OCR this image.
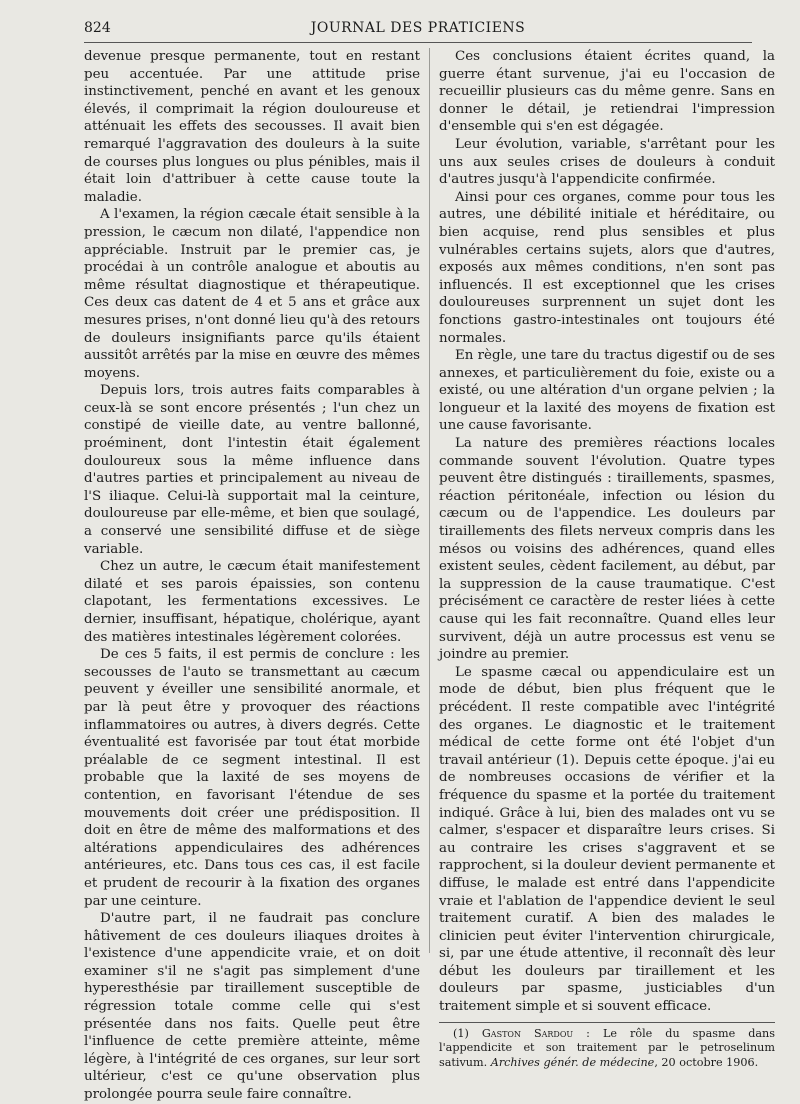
824	JOURNAL DES PRATICIENS

devenue presque permanente, tout en restant peu accentuée. Par une attitude prise instinctivement, penché en avant et les genoux élevés, il comprimait la région douloureuse et atténuait les effets des secousses. Il avait bien remarqué l'aggravation des douleurs à la suite de courses plus longues ou plus pénibles, mais il était loin d'attribuer à cette cause toute la maladie.

A l'examen, la région cæcale était sensible à la pression, le cæcum non dilaté, l'appendice non appréciable. Instruit par le premier cas, je procédai à un contrôle analogue et aboutis au même résultat diagnostique et thérapeutique. Ces deux cas datent de 4 et 5 ans et grâce aux mesures prises, n'ont donné lieu qu'à des retours de douleurs insignifiants parce qu'ils étaient aussitôt arrêtés par la mise en œuvre des mêmes moyens.

Depuis lors, trois autres faits comparables à ceux-là se sont encore présentés ; l'un chez un constipé de vieille date, au ventre ballonné, proéminent, dont l'intestin était également douloureux sous la même influence dans d'autres parties et principalement au niveau de l'S iliaque. Celui-là supportait mal la ceinture, douloureuse par elle-même, et bien que soulagé, a conservé une sensibilité diffuse et de siège variable.

Chez un autre, le cæcum était manifestement dilaté et ses parois épaissies, son contenu clapotant, les fermentations excessives. Le dernier, insuffisant, hépatique, cholérique, ayant des matières intestinales légèrement colorées.

De ces 5 faits, il est permis de conclure : les secousses de l'auto se transmettant au cæcum peuvent y éveiller une sensibilité anormale, et par là peut être y provoquer des réactions inflammatoires ou autres, à divers degrés. Cette éventualité est favorisée par tout état morbide préalable de ce segment intestinal. Il est probable que la laxité de ses moyens de contention, en favorisant l'étendue de ses mouvements doit créer une prédisposition. Il doit en être de même des malformations et des altérations appendiculaires des adhérences antérieures, etc. Dans tous ces cas, il est facile et prudent de recourir à la fixation des organes par une ceinture.

D'autre part, il ne faudrait pas conclure hâtivement de ces douleurs iliaques droites à l'existence d'une appendicite vraie, et on doit examiner s'il ne s'agit pas simplement d'une hyperesthésie par tiraillement susceptible de régression totale comme celle qui s'est présentée dans nos faits. Quelle peut être l'influence de cette première atteinte, même légère, à l'intégrité de ces organes, sur leur sort ultérieur, c'est ce qu'une observation plus prolongée pourra seule faire connaître.

Ces conclusions étaient écrites quand, la guerre étant survenue, j'ai eu l'occasion de recueillir plusieurs cas du même genre. Sans en donner le détail, je retiendrai l'impression d'ensemble qui s'en est dégagée.

Leur évolution, variable, s'arrêtant pour les uns aux seules crises de douleurs à conduit d'autres jusqu'à l'appendicite confirmée.

Ainsi pour ces organes, comme pour tous les autres, une débilité initiale et héréditaire, ou bien acquise, rend plus sensibles et plus vulnérables certains sujets, alors que d'autres, exposés aux mêmes conditions, n'en sont pas influencés. Il est exceptionnel que les crises douloureuses surprennent un sujet dont les fonctions gastro-intestinales ont toujours été normales.

En règle, une tare du tractus digestif ou de ses annexes, et particulièrement du foie, existe ou a existé, ou une altération d'un organe pelvien ; la longueur et la laxité des moyens de fixation est une cause favorisante.

La nature des premières réactions locales commande souvent l'évolution. Quatre types peuvent être distingués : tiraillements, spasmes, réaction péritonéale, infection ou lésion du cæcum ou de l'appendice. Les douleurs par tiraillements des filets nerveux compris dans les mésos ou voisins des adhérences, quand elles existent seules, cèdent facilement, au début, par la suppression de la cause traumatique. C'est précisément ce caractère de rester liées à cette cause qui les fait reconnaître. Quand elles leur survivent, déjà un autre processus est venu se joindre au premier.

Le spasme cæcal ou appendiculaire est un mode de début, bien plus fréquent que le précédent. Il reste compatible avec l'intégrité des organes. Le diagnostic et le traitement médical de cette forme ont été l'objet d'un travail antérieur (1). Depuis cette époque. j'ai eu de nombreuses occasions de vérifier et la fréquence du spasme et la portée du traitement indiqué. Grâce à lui, bien des malades ont vu se calmer, s'espacer et disparaître leurs crises. Si au contraire les crises s'aggravent et se rapprochent, si la douleur devient permanente et diffuse, le malade est entré dans l'appendicite vraie et l'ablation de l'appendice devient le seul traitement curatif. A bien des malades le clinicien peut éviter l'intervention chirurgicale, si, par une étude attentive, il reconnaît dès leur début les douleurs par tiraillement et les douleurs par spasme, justiciables d'un traitement simple et si souvent efficace.

(1) Gaston Sardou : Le rôle du spasme dans l'appendicite et son traitement par le petroselinum sativum. Archives génér. de médecine, 20 octobre 1906.
